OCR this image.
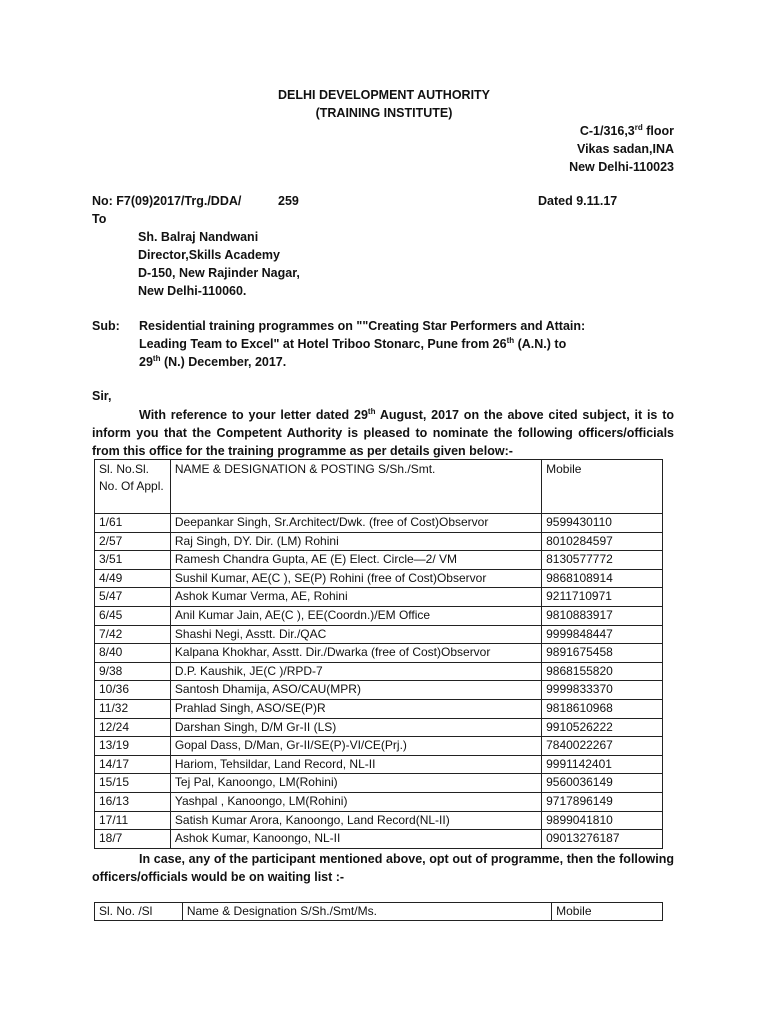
DELHI DEVELOPMENT AUTHORITY
(TRAINING INSTITUTE)
C-1/316,3rd floor
Vikas sadan,INA
New Delhi-110023
No: F7(09)2017/Trg./DDA/	259	Dated 9.11.17
To
Sh. Balraj Nandwani
Director,Skills Academy
D-150, New Rajinder Nagar,
New Delhi-110060.
Sub: Residential training programmes on ""Creating Star Performers and Attain:
Leading Team to Excel" at Hotel Triboo Stonarc, Pune from 26th (A.N.) to
29th (N.) December, 2017.
Sir,
With reference to your letter dated 29th August, 2017 on the above cited subject, it is to inform you that the Competent Authority is pleased to nominate the following officers/officials from this office for the training programme as per details given below:-
Sl. No.Sl. No. Of Appl.	NAME & DESIGNATION & POSTING S/Sh./Smt.	Mobile
1/61	Deepankar Singh, Sr.Architect/Dwk. (free of Cost)Observor	9599430110
2/57	Raj Singh, DY. Dir. (LM) Rohini	8010284597
3/51	Ramesh Chandra Gupta, AE (E) Elect. Circle—2/ VM	8130577772
4/49	Sushil Kumar, AE(C ), SE(P) Rohini (free of Cost)Observor	9868108914
5/47	Ashok Kumar Verma, AE, Rohini	9211710971
6/45	Anil Kumar Jain, AE(C ), EE(Coordn.)/EM Office	9810883917
7/42	Shashi Negi, Asstt. Dir./QAC	9999848447
8/40	Kalpana Khokhar, Asstt. Dir./Dwarka (free of Cost)Observor	9891675458
9/38	D.P. Kaushik, JE(C )/RPD-7	9868155820
10/36	Santosh Dhamija, ASO/CAU(MPR)	9999833370
11/32	Prahlad Singh, ASO/SE(P)R	9818610968
12/24	Darshan Singh, D/M Gr-II (LS)	9910526222
13/19	Gopal Dass, D/Man, Gr-II/SE(P)-VI/CE(Prj.)	7840022267
14/17	Hariom, Tehsildar, Land Record, NL-II	9991142401
15/15	Tej Pal, Kanoongo, LM(Rohini)	9560036149
16/13	Yashpal , Kanoongo, LM(Rohini)	9717896149
17/11	Satish Kumar Arora, Kanoongo, Land Record(NL-II)	9899041810
18/7	Ashok Kumar, Kanoongo, NL-II	09013276187
In case, any of the participant mentioned above, opt out of programme, then the following officers/officials would be on waiting list :-
Sl. No. /Sl	Name & Designation S/Sh./Smt/Ms.	Mobile
